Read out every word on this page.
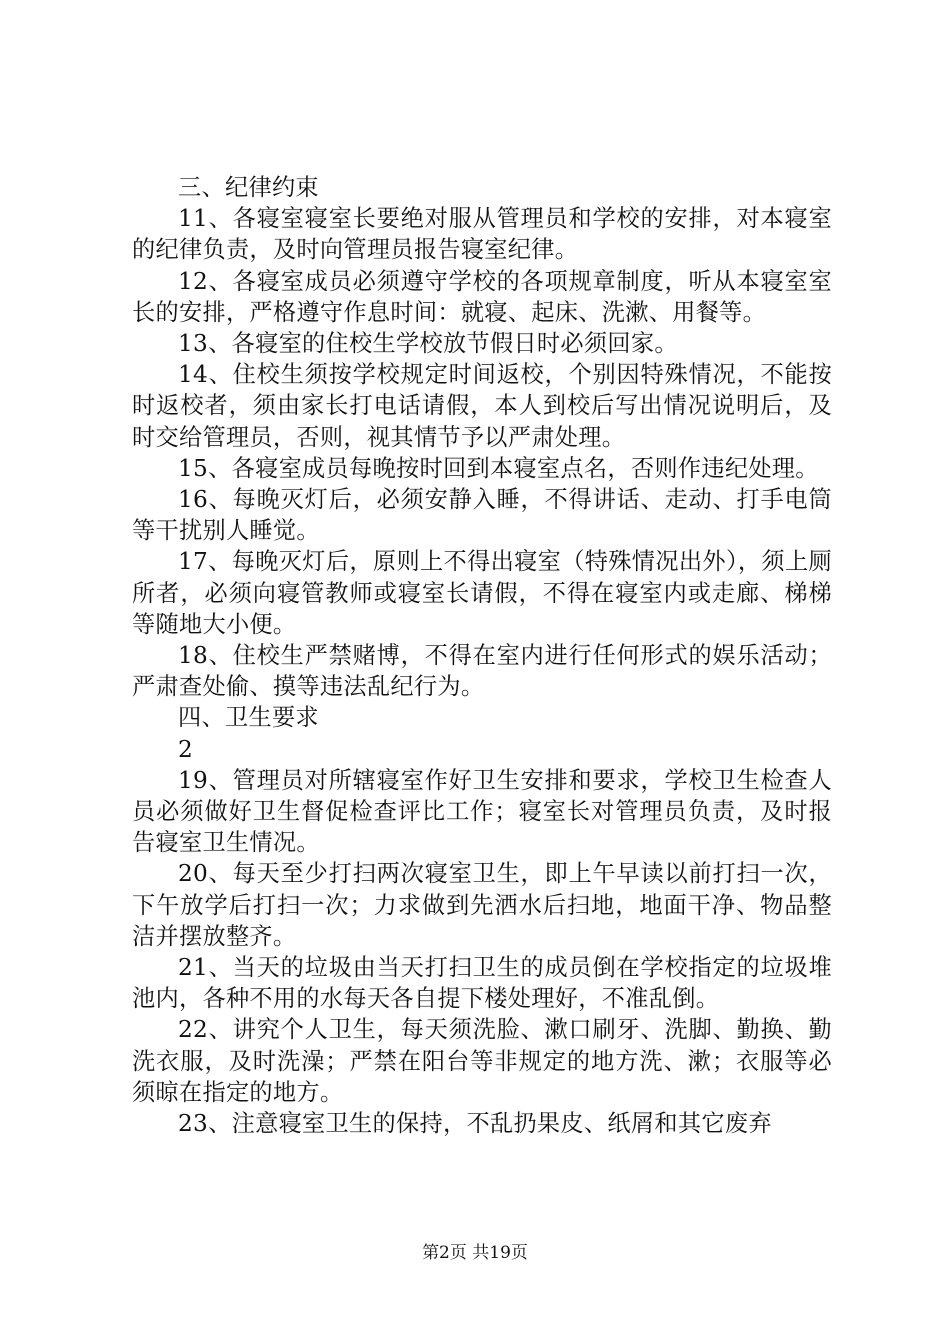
三、纪律约束

11、各寝室寝室长要绝对服从管理员和学校的安排，对本寝室的纪律负责，及时向管理员报告寝室纪律。

12、各寝室成员必须遵守学校的各项规章制度，听从本寝室室长的安排，严格遵守作息时间：就寝、起床、洗漱、用餐等。

13、各寝室的住校生学校放节假日时必须回家。

14、住校生须按学校规定时间返校，个别因特殊情况，不能按时返校者，须由家长打电话请假，本人到校后写出情况说明后，及时交给管理员，否则，视其情节予以严肃处理。

15、各寝室成员每晚按时回到本寝室点名，否则作违纪处理。

16、每晚灭灯后，必须安静入睡，不得讲话、走动、打手电筒等干扰别人睡觉。

17、每晚灭灯后，原则上不得出寝室（特殊情况出外），须上厕所者，必须向寝管教师或寝室长请假，不得在寝室内或走廊、梯梯等随地大小便。

18、住校生严禁赌博，不得在室内进行任何形式的娱乐活动；严肃查处偷、摸等违法乱纪行为。

四、卫生要求

2

19、管理员对所辖寝室作好卫生安排和要求，学校卫生检查人员必须做好卫生督促检查评比工作；寝室长对管理员负责，及时报告寝室卫生情况。

20、每天至少打扫两次寝室卫生，即上午早读以前打扫一次，下午放学后打扫一次；力求做到先洒水后扫地，地面干净、物品整洁并摆放整齐。

21、当天的垃圾由当天打扫卫生的成员倒在学校指定的垃圾堆池内，各种不用的水每天各自提下楼处理好，不准乱倒。

22、讲究个人卫生，每天须洗脸、漱口刷牙、洗脚、勤换、勤洗衣服，及时洗澡；严禁在阳台等非规定的地方洗、漱；衣服等必须晾在指定的地方。

23、注意寝室卫生的保持，不乱扔果皮、纸屑和其它废弃

第2页 共19页
